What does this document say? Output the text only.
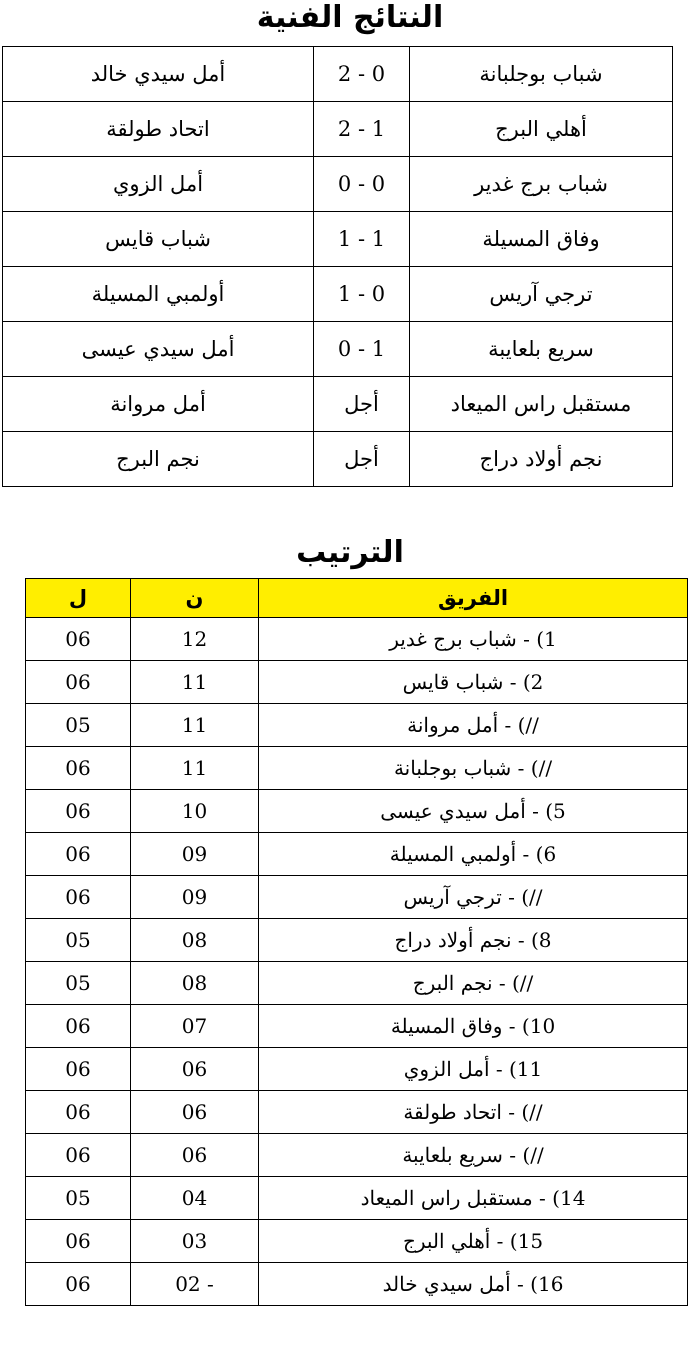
النتائج الفنية
أمل سيدي خالد	2 - 0	شباب بوجلبانة
اتحاد طولقة	2 - 1	أهلي البرج
أمل الزوي	0 - 0	شباب برج غدير
شباب قايس	1 - 1	وفاق المسيلة
أولمبي المسيلة	1 - 0	ترجي آريس
أمل سيدي عيسى	0 - 1	سريع بلعايبة
أمل مروانة	أجل	مستقبل راس الميعاد
نجم البرج	أجل	نجم أولاد دراج
الترتيب
ل	ن	الفريق
06	12	1) - شباب برج غدير
06	11	2) - شباب قايس
05	11	//) - أمل مروانة
06	11	//) - شباب بوجلبانة
06	10	5) - أمل سيدي عيسى
06	09	6) - أولمبي المسيلة
06	09	//) - ترجي آريس
05	08	8) - نجم أولاد دراج
05	08	//) - نجم البرج
06	07	10) - وفاق المسيلة
06	06	11) - أمل الزوي
06	06	//) - اتحاد طولقة
06	06	//) - سريع بلعايبة
05	04	14) - مستقبل راس الميعاد
06	03	15) - أهلي البرج
06	02 -	16) - أمل سيدي خالد
